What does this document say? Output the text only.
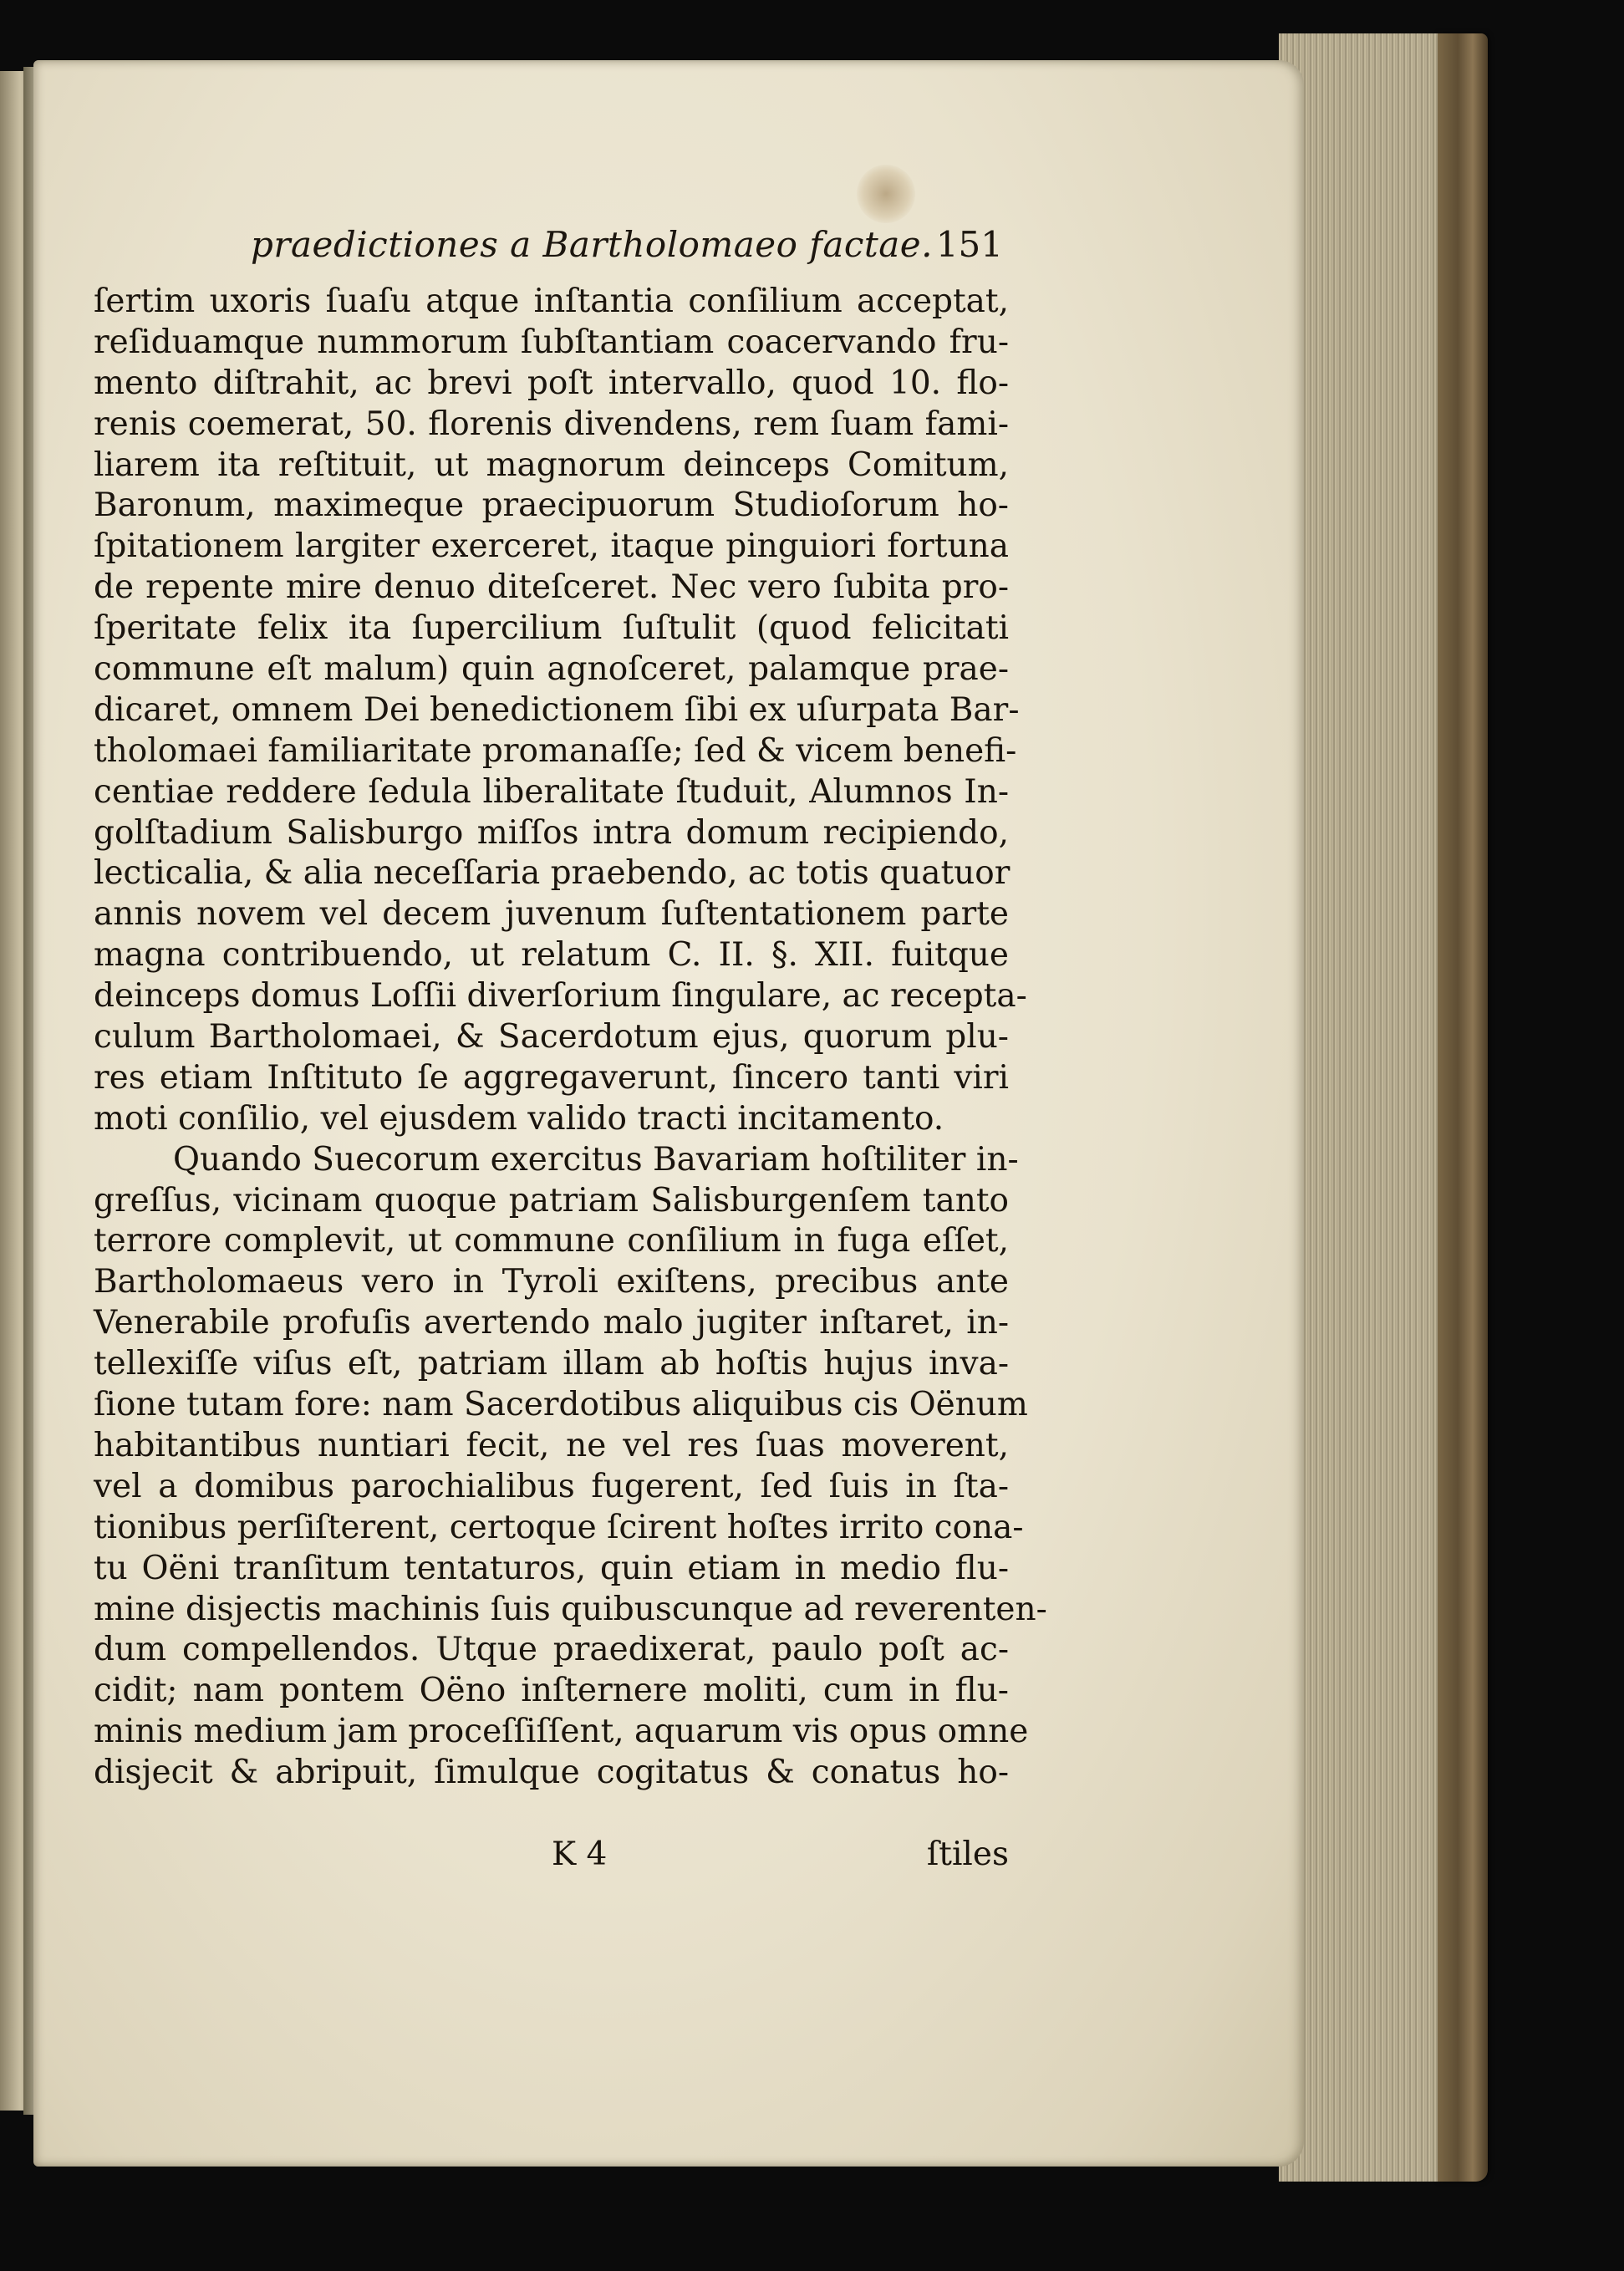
praedictiones a Bartholomaeo factae. 151
ſertim uxoris ſuaſu atque inſtantia conſilium acceptat,
reſiduamque nummorum ſubſtantiam coacervando fru-
mento diſtrahit, ac brevi poſt intervallo, quod 10. flo-
renis coemerat, 50. florenis divendens, rem ſuam fami-
liarem ita reſtituit, ut magnorum deinceps Comitum,
Baronum, maximeque praecipuorum Studioſorum ho-
ſpitationem largiter exerceret, itaque pinguiori fortuna
de repente mire denuo diteſceret. Nec vero ſubita pro-
ſperitate felix ita ſupercilium ſuſtulit (quod felicitati
commune eſt malum) quin agnoſceret, palamque prae-
dicaret, omnem Dei benedictionem ſibi ex uſurpata Bar-
tholomaei familiaritate promanaſſe; ſed & vicem benefi-
centiae reddere ſedula liberalitate ſtuduit, Alumnos In-
golſtadium Salisburgo miſſos intra domum recipiendo,
lecticalia, & alia neceſſaria praebendo, ac totis quatuor
annis novem vel decem juvenum ſuſtentationem parte
magna contribuendo, ut relatum C. II. §. XII. fuitque
deinceps domus Loſſii diverſorium ſingulare, ac recepta-
culum Bartholomaei, & Sacerdotum ejus, quorum plu-
res etiam Inſtituto ſe aggregaverunt, ſincero tanti viri
moti conſilio, vel ejusdem valido tracti incitamento.
Quando Suecorum exercitus Bavariam hoſtiliter in-
greſſus, vicinam quoque patriam Salisburgenſem tanto
terrore complevit, ut commune conſilium in fuga eſſet,
Bartholomaeus vero in Tyroli exiſtens, precibus ante
Venerabile profuſis avertendo malo jugiter inſtaret, in-
tellexiſſe viſus eſt, patriam illam ab hoſtis hujus inva-
ſione tutam fore: nam Sacerdotibus aliquibus cis Oënum
habitantibus nuntiari fecit, ne vel res ſuas moverent,
vel a domibus parochialibus fugerent, ſed ſuis in ſta-
tionibus perſiſterent, certoque ſcirent hoſtes irrito cona-
tu Oëni tranſitum tentaturos, quin etiam in medio flu-
mine disjectis machinis ſuis quibuscunque ad reverenten-
dum compellendos. Utque praedixerat, paulo poſt ac-
cidit; nam pontem Oëno inſternere moliti, cum in flu-
minis medium jam proceſſiſſent, aquarum vis opus omne
disjecit & abripuit, ſimulque cogitatus & conatus ho-
K 4	ſtiles
